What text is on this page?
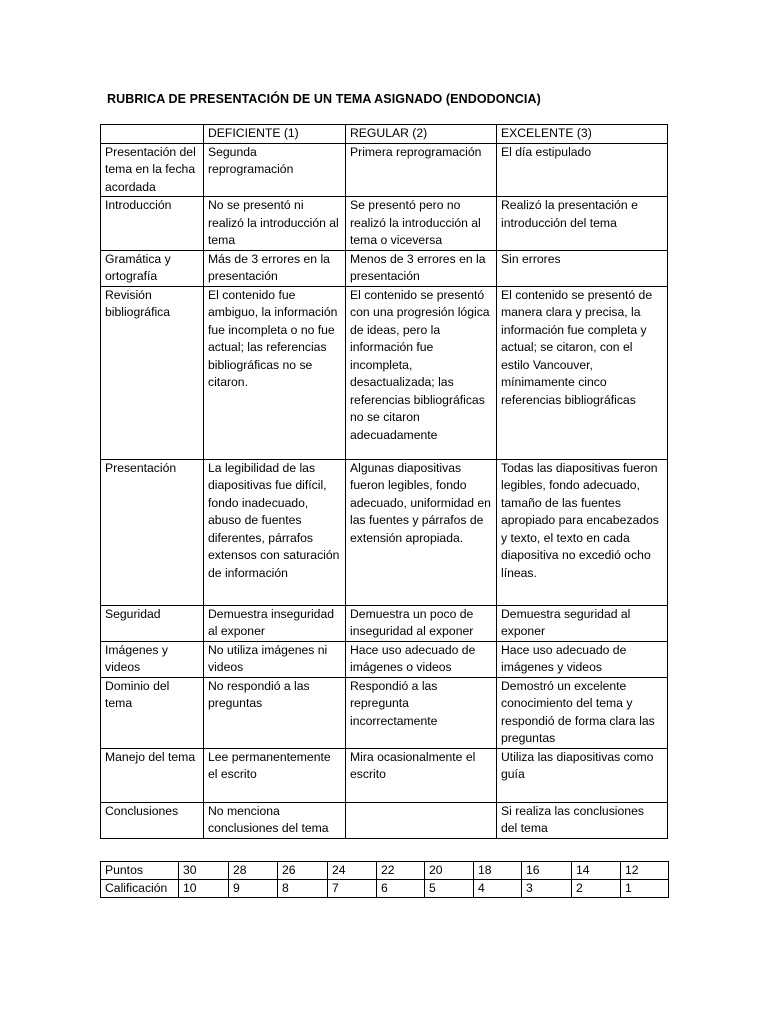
RUBRICA DE PRESENTACIÓN DE UN TEMA ASIGNADO (ENDODONCIA)
	DEFICIENTE (1)	REGULAR (2)	EXCELENTE (3)
Presentación del tema en la fecha acordada	Segunda reprogramación	Primera reprogramación	El día estipulado
Introducción	No se presentó ni realizó la introducción al tema	Se presentó pero no realizó la introducción al tema o viceversa	Realizó la presentación e introducción del tema
Gramática y ortografía	Más de 3 errores en la presentación	Menos de 3 errores en la presentación	Sin errores
Revisión bibliográfica	El contenido fue ambiguo, la información fue incompleta o no fue actual; las referencias bibliográficas no se citaron.	El contenido se presentó con una progresión lógica de ideas, pero la información fue incompleta, desactualizada; las referencias bibliográficas no se citaron adecuadamente	El contenido se presentó de manera clara y precisa, la información fue completa y actual; se citaron, con el estilo Vancouver, mínimamente cinco referencias bibliográficas
Presentación	La legibilidad de las diapositivas fue difícil, fondo inadecuado, abuso de fuentes diferentes, párrafos extensos con saturación de información	Algunas diapositivas fueron legibles, fondo adecuado, uniformidad en las fuentes y párrafos de extensión apropiada.	Todas las diapositivas fueron legibles, fondo adecuado, tamaño de las fuentes apropiado para encabezados y texto, el texto en cada diapositiva no excedió ocho líneas.
Seguridad	Demuestra inseguridad al exponer	Demuestra un poco de inseguridad al exponer	Demuestra seguridad al exponer
Imágenes y videos	No utiliza imágenes ni videos	Hace uso adecuado de imágenes o videos	Hace uso adecuado de imágenes y videos
Dominio del tema	No respondió a las preguntas	Respondió a las repregunta incorrectamente	Demostró un excelente conocimiento del tema y respondió de forma clara las preguntas
Manejo del tema	Lee permanentemente el escrito	Mira ocasionalmente el escrito	Utiliza las diapositivas como guía
Conclusiones	No menciona conclusiones del tema		Si realiza las conclusiones del tema
Puntos	30	28	26	24	22	20	18	16	14	12
Calificación	10	9	8	7	6	5	4	3	2	1
